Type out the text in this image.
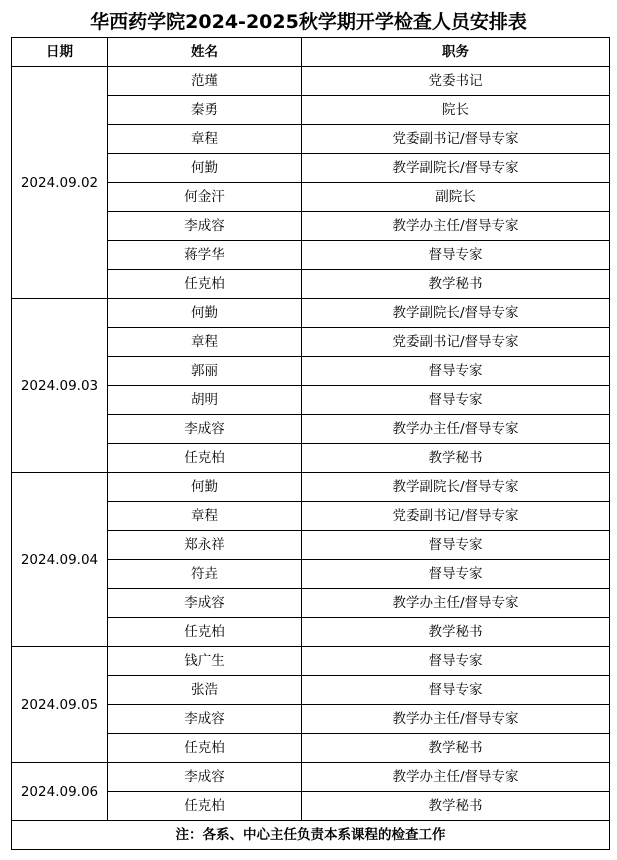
华西药学院2024-2025秋学期开学检查人员安排表
日期	姓名	职务
2024.09.02	范瑾	党委书记
	秦勇	院长
	章程	党委副书记/督导专家
	何勤	教学副院长/督导专家
	何金汗	副院长
	李成容	教学办主任/督导专家
	蒋学华	督导专家
	任克柏	教学秘书
2024.09.03	何勤	教学副院长/督导专家
	章程	党委副书记/督导专家
	郭丽	督导专家
	胡明	督导专家
	李成容	教学办主任/督导专家
	任克柏	教学秘书
2024.09.04	何勤	教学副院长/督导专家
	章程	党委副书记/督导专家
	郑永祥	督导专家
	符垚	督导专家
	李成容	教学办主任/督导专家
	任克柏	教学秘书
2024.09.05	钱广生	督导专家
	张浩	督导专家
	李成容	教学办主任/督导专家
	任克柏	教学秘书
2024.09.06	李成容	教学办主任/督导专家
	任克柏	教学秘书
注：各系、中心主任负责本系课程的检查工作		
